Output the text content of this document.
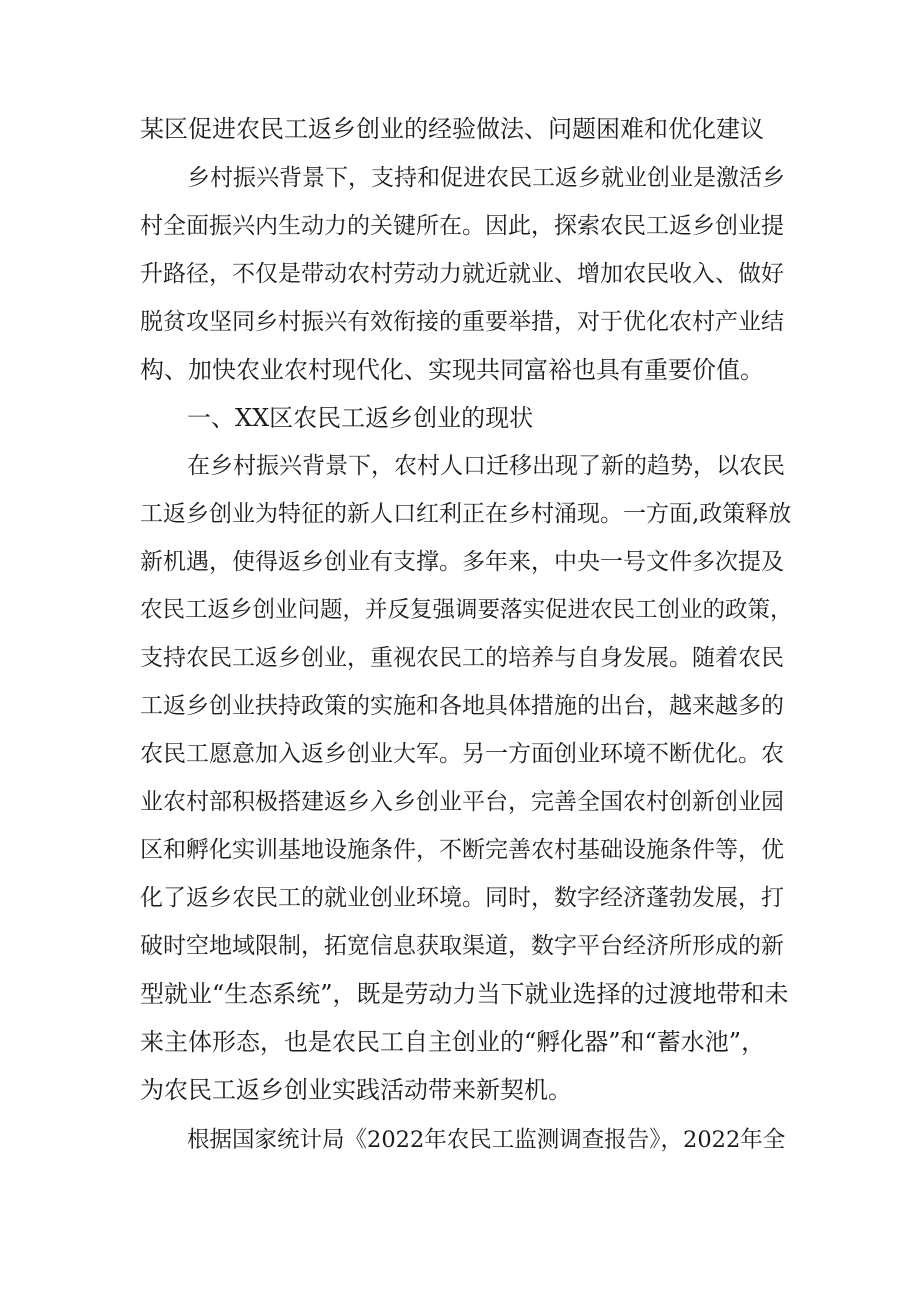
某区促进农民工返乡创业的经验做法、问题困难和优化建议

乡村振兴背景下，支持和促进农民工返乡就业创业是激活乡

村全面振兴内生动力的关键所在。因此，探索农民工返乡创业提

升路径，不仅是带动农村劳动力就近就业、增加农民收入、做好

脱贫攻坚同乡村振兴有效衔接的重要举措，对于优化农村产业结

构、加快农业农村现代化、实现共同富裕也具有重要价值。

一、XX区农民工返乡创业的现状

在乡村振兴背景下，农村人口迁移出现了新的趋势，以农民

工返乡创业为特征的新人口红利正在乡村涌现。一方面,政策释放

新机遇，使得返乡创业有支撑。多年来，中央一号文件多次提及

农民工返乡创业问题，并反复强调要落实促进农民工创业的政策，

支持农民工返乡创业，重视农民工的培养与自身发展。随着农民

工返乡创业扶持政策的实施和各地具体措施的出台，越来越多的

农民工愿意加入返乡创业大军。另一方面创业环境不断优化。农

业农村部积极搭建返乡入乡创业平台，完善全国农村创新创业园

区和孵化实训基地设施条件，不断完善农村基础设施条件等，优

化了返乡农民工的就业创业环境。同时，数字经济蓬勃发展，打

破时空地域限制，拓宽信息获取渠道，数字平台经济所形成的新

型就业“生态系统”，既是劳动力当下就业选择的过渡地带和未

来主体形态，也是农民工自主创业的“孵化器”和“蓄水池”，

为农民工返乡创业实践活动带来新契机。

根据国家统计局《2022年农民工监测调查报告》，2022年全
